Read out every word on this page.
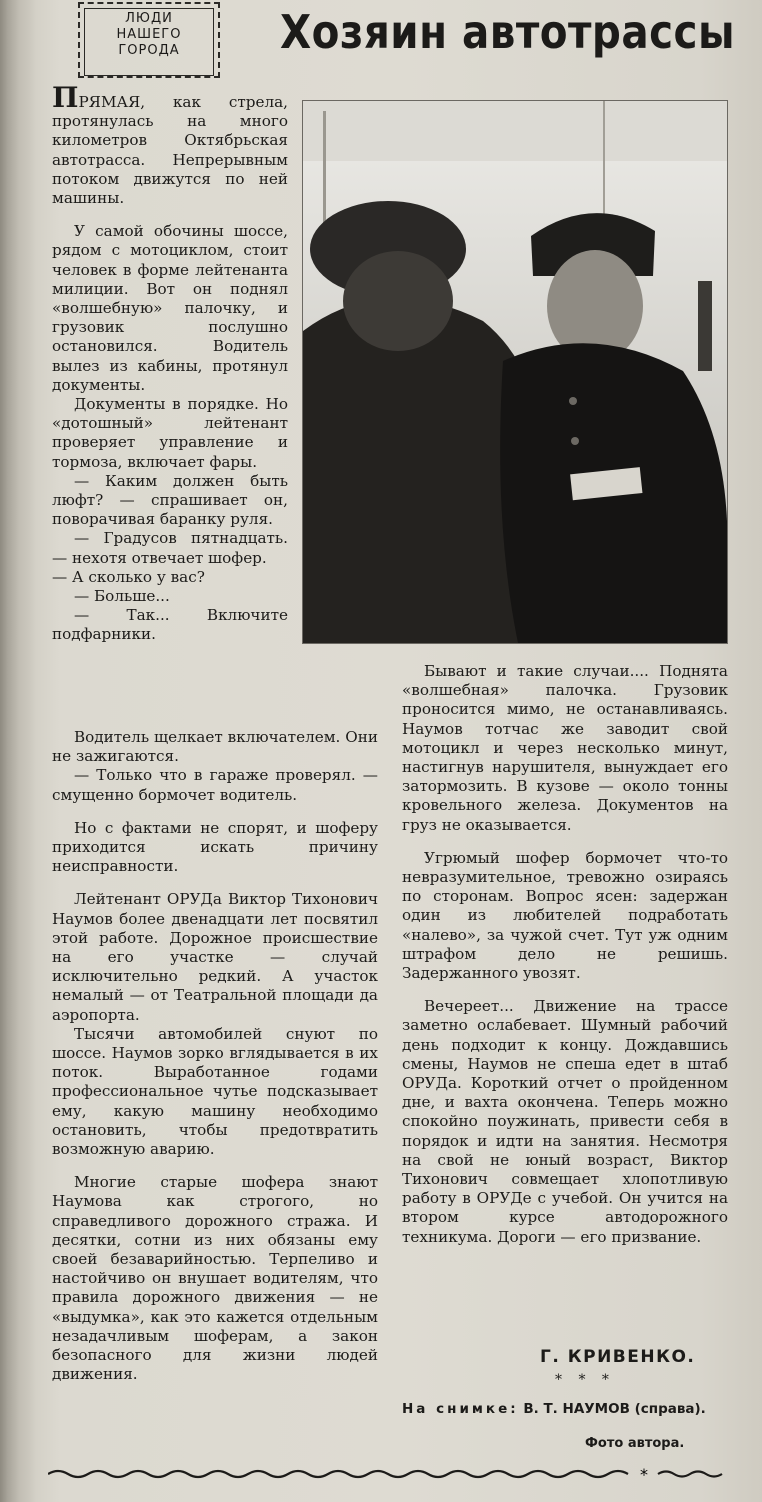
ЛЮДИ
НАШЕГО
ГОРОДА	Хозяин автотрассы

ПРЯМАЯ, как стрела, протянулась на много километров Октябрьская автотрасса. Непрерывным потоком движутся по ней машины.

У самой обочины шоссе, рядом с мотоциклом, стоит человек в форме лейтенанта милиции. Вот он поднял «волшебную» палочку, и грузовик послушно остановился. Водитель вылез из кабины, протянул документы.

Документы в порядке. Но «дотошный» лейтенант проверяет управление и тормоза, включает фары.

— Каким должен быть люфт? — спрашивает он, поворачивая баранку руля.

— Градусов пятнадцать. — нехотя отвечает шофер.

— А сколько у вас?

— Больше...

— Так... Включите подфарники.

Водитель щелкает включателем. Они не зажигаются.

— Только что в гараже проверял. — смущенно бормочет водитель.

Но с фактами не спорят, и шоферу приходится искать причину неисправности.

Лейтенант ОРУДа Виктор Тихонович Наумов более двенадцати лет посвятил этой работе. Дорожное происшествие на его участке — случай исключительно редкий. А участок немалый — от Театральной площади да аэропорта.

Тысячи автомобилей снуют по шоссе. Наумов зорко вглядывается в их поток. Выработанное годами профессиональное чутье подсказывает ему, какую машину необходимо остановить, чтобы предотвратить возможную аварию.

Многие старые шофера знают Наумова как строгого, но справедливого дорожного стража. И десятки, сотни из них обязаны ему своей безаварийностью. Терпеливо и настойчиво он внушает водителям, что правила дорожного движения — не «выдумка», как это кажется отдельным незадачливым шоферам, а закон безопасного для жизни людей движения.

Бывают и такие случаи.... Поднята «волшебная» палочка. Грузовик проносится мимо, не останавливаясь. Наумов тотчас же заводит свой мотоцикл и через несколько минут, настигнув нарушителя, вынуждает его затормозить. В кузове — около тонны кровельного железа. Документов на груз не оказывается.

Угрюмый шофер бормочет что-то невразумительное, тревожно озираясь по сторонам. Вопрос ясен: задержан один из любителей подработать «налево», за чужой счет. Тут уж одним штрафом дело не решишь. Задержанного увозят.

Вечереет... Движение на трассе заметно ослабевает. Шумный рабочий день подходит к концу. Дождавшись смены, Наумов не спеша едет в штаб ОРУДа. Короткий отчет о пройденном дне, и вахта окончена. Теперь можно спокойно поужинать, привести себя в порядок и идти на занятия. Несмотря на свой не юный возраст, Виктор Тихонович совмещает хлопотливую работу в ОРУДе с учебой. Он учится на втором курсе автодорожного техникума. Дороги — его призвание.

Г. КРИВЕНКО.
* * *
На снимке: В. Т. НАУМОВ (справа).
Фото автора.
*
